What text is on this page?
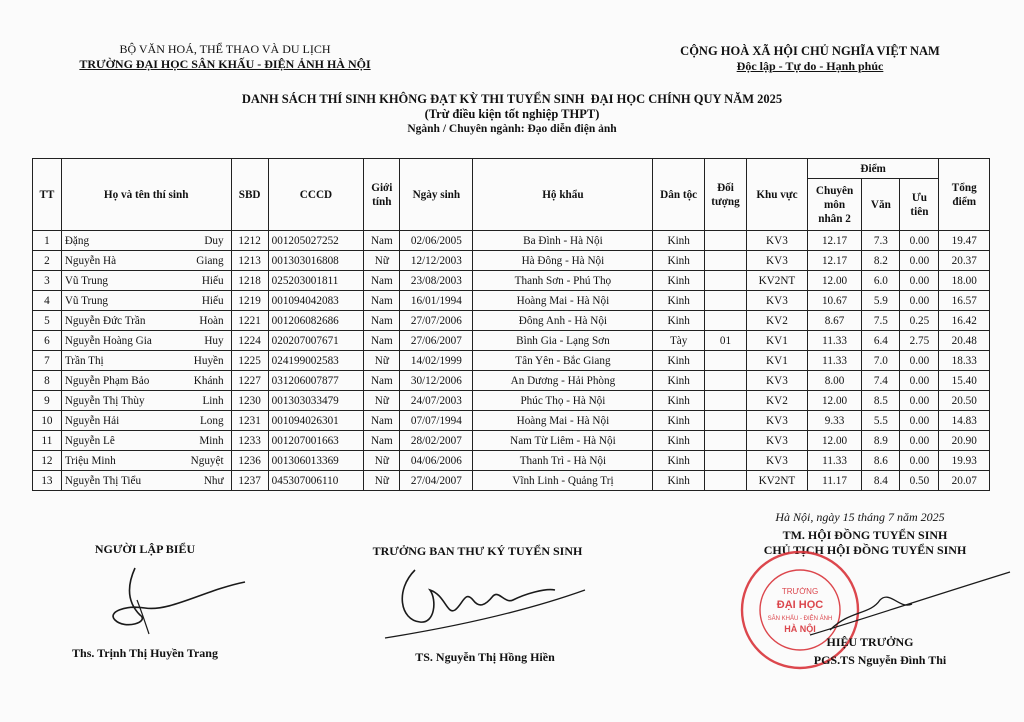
BỘ VĂN HOÁ, THỂ THAO VÀ DU LỊCH
TRƯỜNG ĐẠI HỌC SÂN KHẤU - ĐIỆN ẢNH HÀ NỘI
CỘNG HOÀ XÃ HỘI CHỦ NGHĨA VIỆT NAM
Độc lập - Tự do - Hạnh phúc
DANH SÁCH THÍ SINH KHÔNG ĐẠT KỲ THI TUYỂN SINH  ĐẠI HỌC CHÍNH QUY NĂM 2025
(Trừ điều kiện tốt nghiệp THPT)
Ngành / Chuyên ngành: Đạo diễn điện ảnh
TT	Họ và tên thí sinh	SBD	CCCD	Giới tính	Ngày sinh	Hộ khẩu	Dân tộc	Đối tượng	Khu vực	Điểm			Tổng điểm
										Chuyên môn nhân 2	Văn	Ưu tiên	
1	Đặng Duy	1212	001205027252	Nam	02/06/2005	Ba Đình - Hà Nội	Kinh		KV3	12.17	7.3	0.00	19.47
2	Nguyễn Hà Giang	1213	001303016808	Nữ	12/12/2003	Hà Đông - Hà Nội	Kinh		KV3	12.17	8.2	0.00	20.37
3	Vũ Trung Hiếu	1218	025203001811	Nam	23/08/2003	Thanh Sơn - Phú Thọ	Kinh		KV2NT	12.00	6.0	0.00	18.00
4	Vũ Trung Hiếu	1219	001094042083	Nam	16/01/1994	Hoàng Mai - Hà Nội	Kinh		KV3	10.67	5.9	0.00	16.57
5	Nguyễn Đức Trần Hoàn	1221	001206082686	Nam	27/07/2006	Đông Anh - Hà Nội	Kinh		KV2	8.67	7.5	0.25	16.42
6	Nguyễn Hoàng Gia Huy	1224	020207007671	Nam	27/06/2007	Bình Gia - Lạng Sơn	Tày	01	KV1	11.33	6.4	2.75	20.48
7	Trần Thị Huyền	1225	024199002583	Nữ	14/02/1999	Tân Yên - Bắc Giang	Kinh		KV1	11.33	7.0	0.00	18.33
8	Nguyễn Phạm Bảo Khánh	1227	031206007877	Nam	30/12/2006	An Dương - Hải Phòng	Kinh		KV3	8.00	7.4	0.00	15.40
9	Nguyễn Thị Thùy Linh	1230	001303033479	Nữ	24/07/2003	Phúc Thọ - Hà Nội	Kinh		KV2	12.00	8.5	0.00	20.50
10	Nguyễn Hải Long	1231	001094026301	Nam	07/07/1994	Hoàng Mai - Hà Nội	Kinh		KV3	9.33	5.5	0.00	14.83
11	Nguyễn Lê Minh	1233	001207001663	Nam	28/02/2007	Nam Từ Liêm - Hà Nội	Kinh		KV3	12.00	8.9	0.00	20.90
12	Triệu Minh Nguyệt	1236	001306013369	Nữ	04/06/2006	Thanh Trì - Hà Nội	Kinh		KV3	11.33	8.6	0.00	19.93
13	Nguyễn Thị Tiểu Như	1237	045307006110	Nữ	27/04/2007	Vĩnh Linh - Quảng Trị	Kinh		KV2NT	11.17	8.4	0.50	20.07
Hà Nội, ngày 15 tháng 7 năm 2025
NGƯỜI LẬP BIỂU
Ths. Trịnh Thị Huyền Trang
TRƯỞNG BAN THƯ KÝ TUYỂN SINH
TS. Nguyễn Thị Hồng Hiền
TM. HỘI ĐỒNG TUYỂN SINH
CHỦ TỊCH HỘI ĐỒNG TUYỂN SINH
TRƯỜNG
ĐẠI HỌC
SÂN KHẤU - ĐIỆN ẢNH
HÀ NỘI
HIỆU TRƯỞNG
PGS.TS Nguyễn Đình Thi
